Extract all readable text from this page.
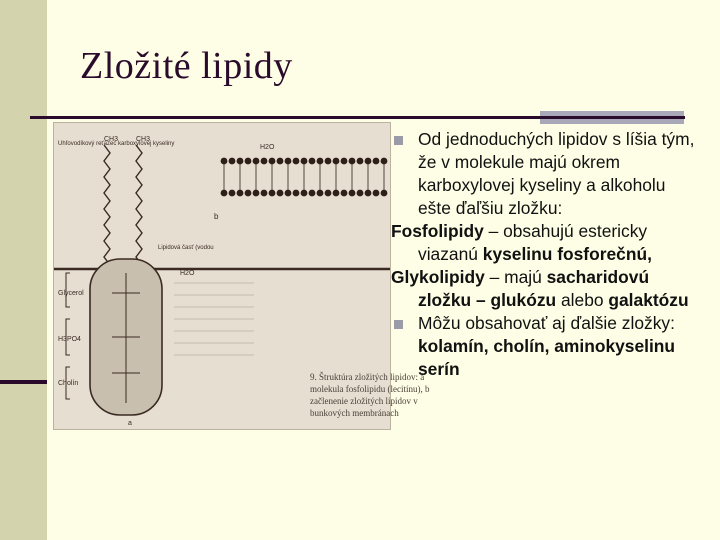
Zložité lipidy
CH3	CH3
Uhľovodíkový reťazec karboxylovej kyseliny	H2O
b
Lipidová časť (vodou
H2O
Glycerol
H3PO4
Cholín
a
9. Štruktúra zložitých lipidov: a molekula fosfolipidu (lecitínu), b začlenenie zložitých lipidov v bunkových membránach
Od jednoduchých lipidov s líšia tým, že v molekule majú okrem karboxylovej kyseliny a alkoholu ešte ďaľšiu zložku:
Fosfolipidy – obsahujú estericky viazanú kyselinu fosforečnú,
Glykolipidy – majú sacharidovú zložku – glukózu alebo galaktózu
Môžu obsahovať aj ďalšie zložky: kolamín, cholín, aminokyselinu serín
